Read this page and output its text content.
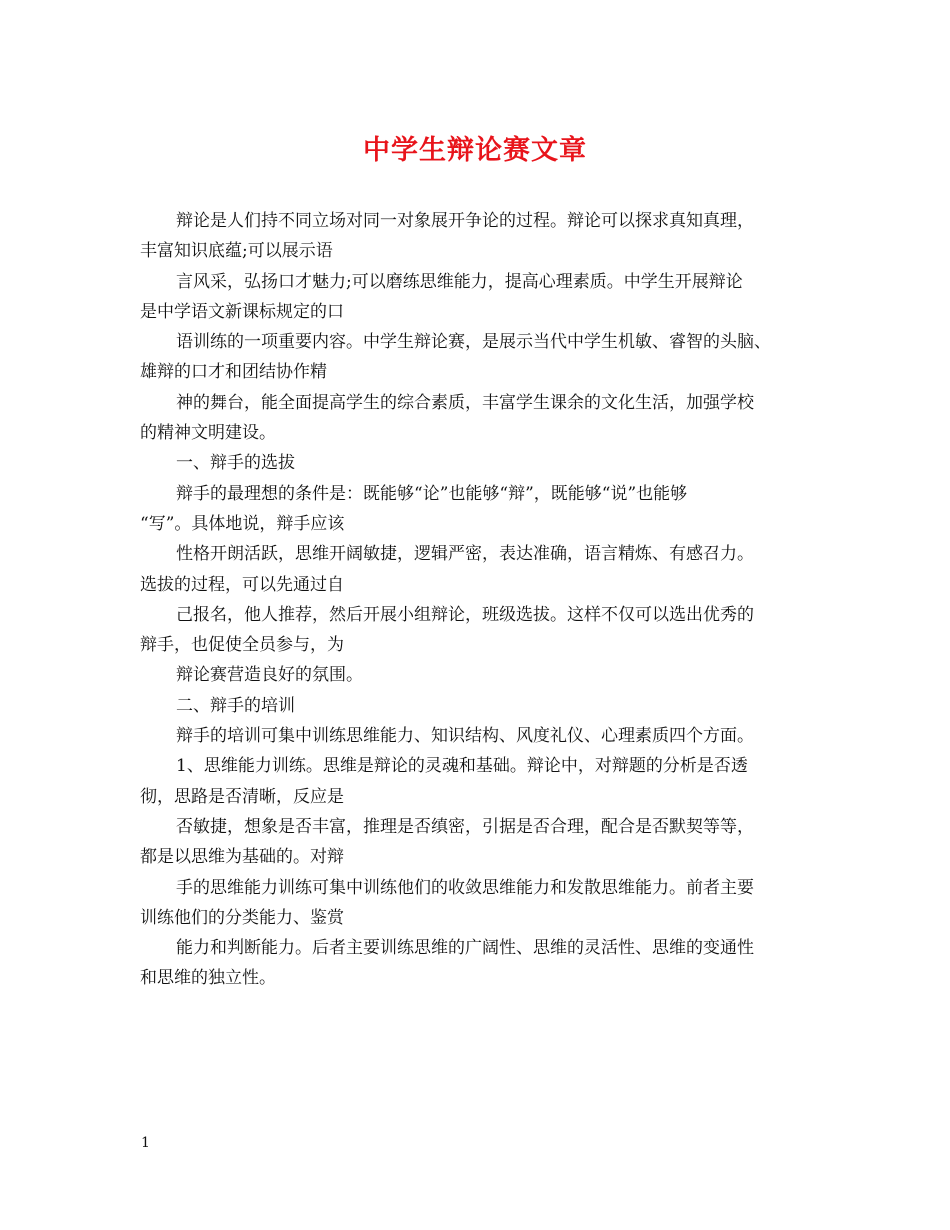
中学生辩论赛文章

辩论是人们持不同立场对同一对象展开争论的过程。辩论可以探求真知真理，

丰富知识底蕴;可以展示语

言风采，弘扬口才魅力;可以磨练思维能力，提高心理素质。中学生开展辩论

是中学语文新课标规定的口

语训练的一项重要内容。中学生辩论赛，是展示当代中学生机敏、睿智的头脑、

雄辩的口才和团结协作精

神的舞台，能全面提高学生的综合素质，丰富学生课余的文化生活，加强学校

的精神文明建设。

一、辩手的选拔

辩手的最理想的条件是：既能够“论”也能够“辩”，既能够“说”也能够

“写”。具体地说，辩手应该

性格开朗活跃，思维开阔敏捷，逻辑严密，表达准确，语言精炼、有感召力。

选拔的过程，可以先通过自

己报名，他人推荐，然后开展小组辩论，班级选拔。这样不仅可以选出优秀的

辩手，也促使全员参与，为

辩论赛营造良好的氛围。

二、辩手的培训

辩手的培训可集中训练思维能力、知识结构、风度礼仪、心理素质四个方面。

1、思维能力训练。思维是辩论的灵魂和基础。辩论中，对辩题的分析是否透

彻，思路是否清晰，反应是

否敏捷，想象是否丰富，推理是否缜密，引据是否合理，配合是否默契等等，

都是以思维为基础的。对辩

手的思维能力训练可集中训练他们的收敛思维能力和发散思维能力。前者主要

训练他们的分类能力、鉴赏

能力和判断能力。后者主要训练思维的广阔性、思维的灵活性、思维的变通性

和思维的独立性。

1
